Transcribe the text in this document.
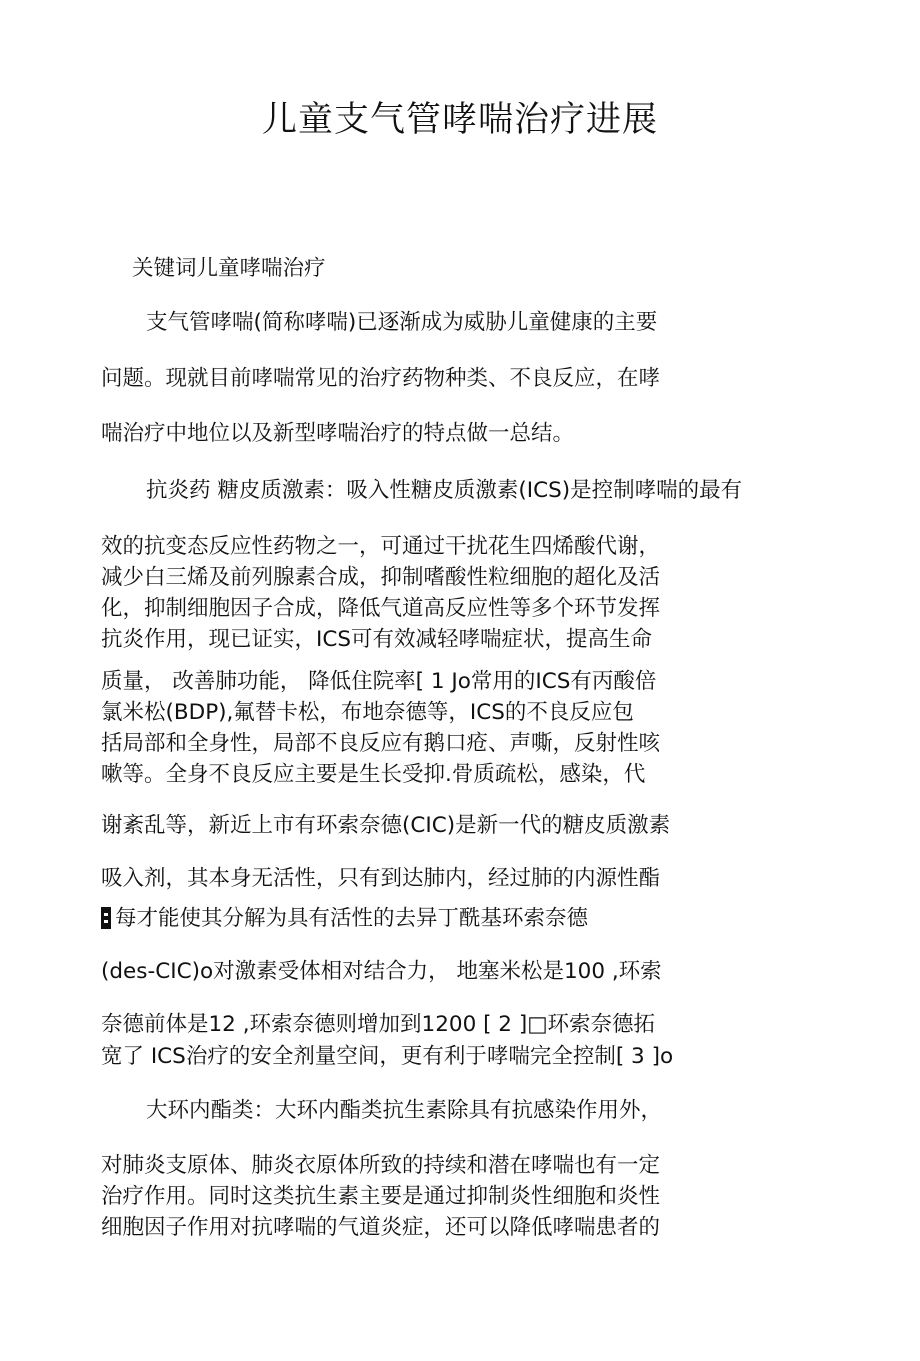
儿童支气管哮喘治疗进展
关键词儿童哮喘治疗
支气管哮喘(简称哮喘)已逐渐成为威胁儿童健康的主要
问题。现就目前哮喘常见的治疗药物种类、不良反应，在哮
喘治疗中地位以及新型哮喘治疗的特点做一总结。
抗炎药 糖皮质激素：吸入性糖皮质激素(ICS)是控制哮喘的最有
效的抗变态反应性药物之一，可通过干扰花生四烯酸代谢，
减少白三烯及前列腺素合成，抑制嗜酸性粒细胞的超化及活
化，抑制细胞因子合成，降低气道高反应性等多个环节发挥
抗炎作用，现已证实，ICS可有效减轻哮喘症状，提高生命
质量， 改善肺功能， 降低住院率[ 1 Jo常用的ICS有丙酸倍
氯米松(BDP),氟替卡松，布地奈德等，ICS的不良反应包
括局部和全身性，局部不良反应有鹅口疮、声嘶，反射性咳
嗽等。全身不良反应主要是生长受抑.骨质疏松，感染，代
谢紊乱等，新近上市有环索奈德(CIC)是新一代的糖皮质激素
吸入剂，其本身无活性，只有到达肺内，经过肺的内源性酯
每才能使其分解为具有活性的去异丁酰基环索奈德
(des-CIC)o对激素受体相对结合力， 地塞米松是100 ,环索
奈德前体是12 ,环索奈德则增加到1200 [ 2 ]□环索奈德拓
宽了 ICS治疗的安全剂量空间，更有利于哮喘完全控制[ 3 ]o
大环内酯类：大环内酯类抗生素除具有抗感染作用外，
对肺炎支原体、肺炎衣原体所致的持续和潜在哮喘也有一定
治疗作用。同时这类抗生素主要是通过抑制炎性细胞和炎性
细胞因子作用对抗哮喘的气道炎症，还可以降低哮喘患者的
